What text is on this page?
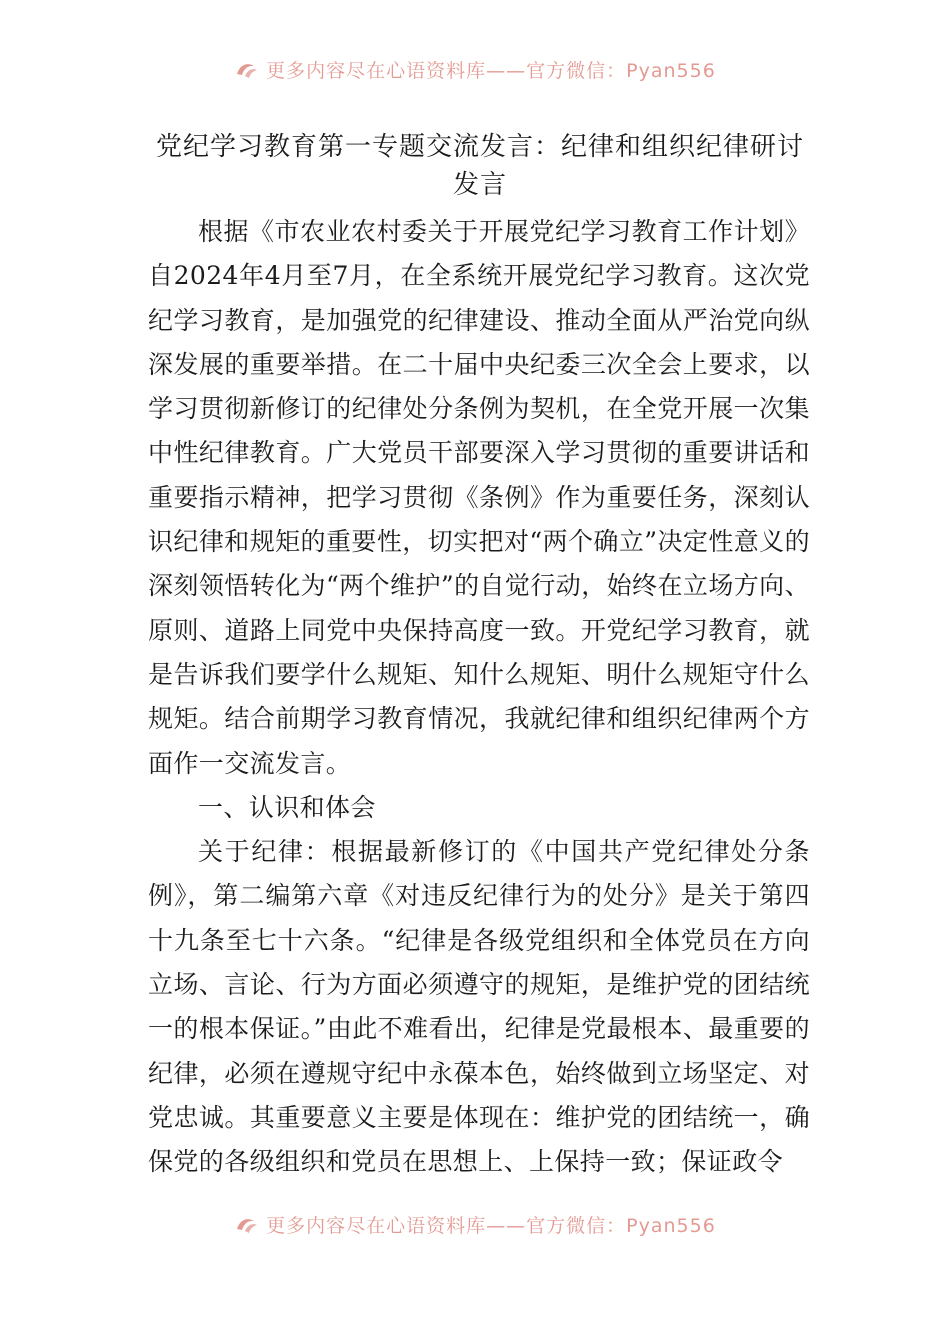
更多内容尽在心语资料库——官方微信：Pyan556
党纪学习教育第一专题交流发言：纪律和组织纪律研讨发言

根据《市农业农村委关于开展党纪学习教育工作计划》自2024年4月至7月，在全系统开展党纪学习教育。这次党纪学习教育，是加强党的纪律建设、推动全面从严治党向纵深发展的重要举措。在二十届中央纪委三次全会上要求，以学习贯彻新修订的纪律处分条例为契机，在全党开展一次集中性纪律教育。广大党员干部要深入学习贯彻的重要讲话和重要指示精神，把学习贯彻《条例》作为重要任务，深刻认识纪律和规矩的重要性，切实把对“两个确立”决定性意义的深刻领悟转化为“两个维护”的自觉行动，始终在立场方向、原则、道路上同党中央保持高度一致。开党纪学习教育，就是告诉我们要学什么规矩、知什么规矩、明什么规矩守什么规矩。结合前期学习教育情况，我就纪律和组织纪律两个方面作一交流发言。

一、认识和体会

关于纪律：根据最新修订的《中国共产党纪律处分条例》，第二编第六章《对违反纪律行为的处分》是关于第四十九条至七十六条。“纪律是各级党组织和全体党员在方向立场、言论、行为方面必须遵守的规矩，是维护党的团结统一的根本保证。”由此不难看出，纪律是党最根本、最重要的纪律，必须在遵规守纪中永葆本色，始终做到立场坚定、对党忠诚。其重要意义主要是体现在：维护党的团结统一，确保党的各级组织和党员在思想上、上保持一致；保证政令

更多内容尽在心语资料库——官方微信：Pyan556
